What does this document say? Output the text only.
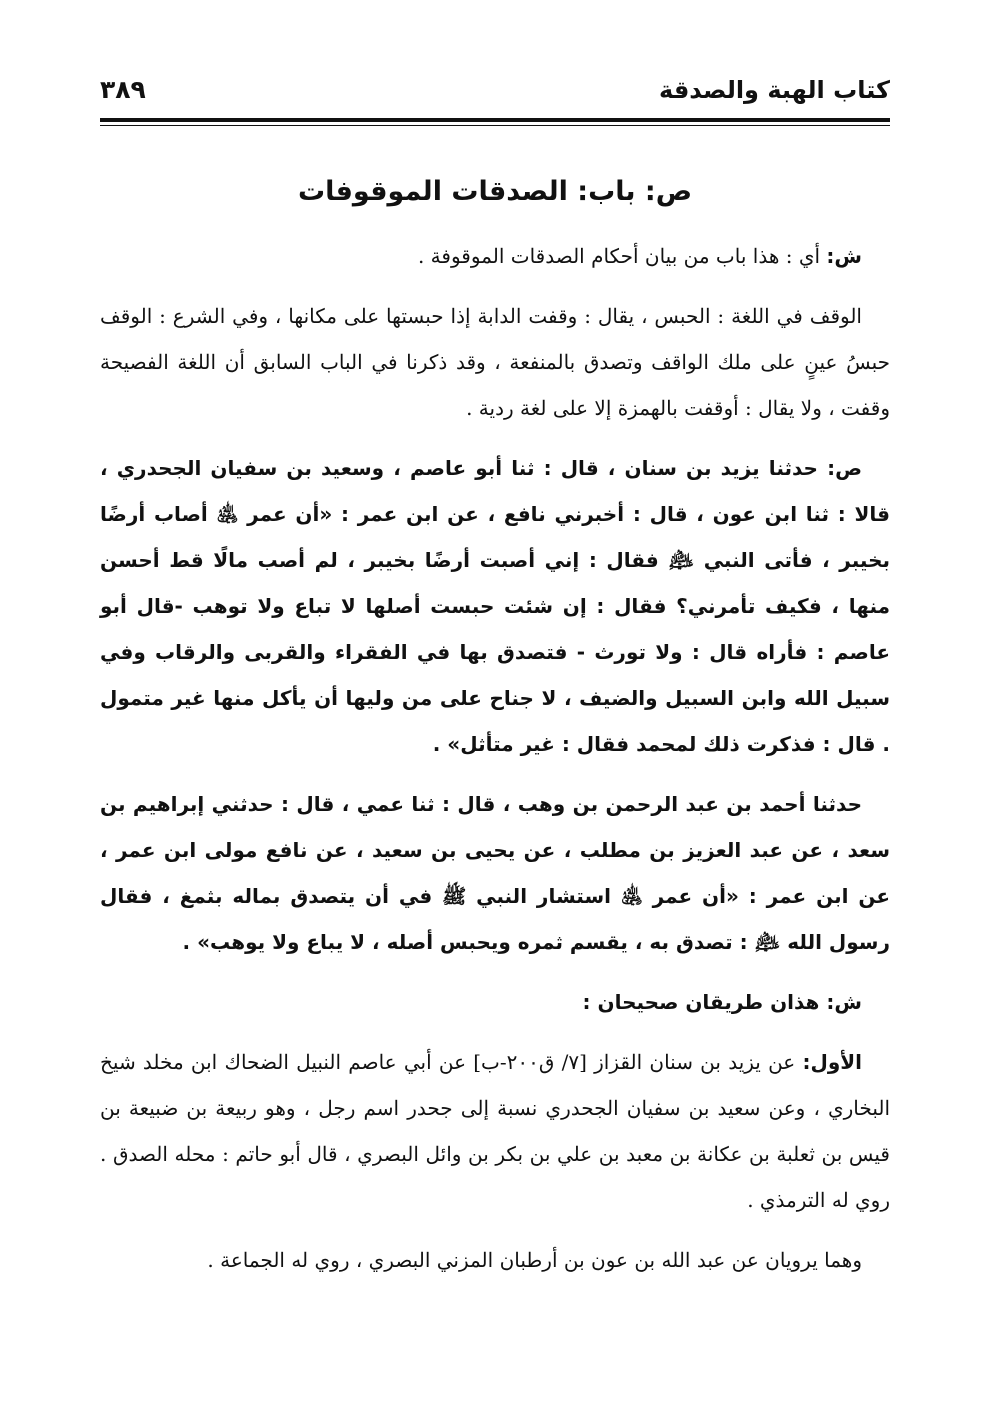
كتاب الهبة والصدقة
٣٨٩
ص: باب: الصدقات الموقوفات

ش: أي : هذا باب من بيان أحكام الصدقات الموقوفة .

الوقف في اللغة : الحبس ، يقال : وقفت الدابة إذا حبستها على مكانها ، وفي الشرع : الوقف حبسُ عينٍ على ملك الواقف وتصدق بالمنفعة ، وقد ذكرنا في الباب السابق أن اللغة الفصيحة وقفت ، ولا يقال : أوقفت بالهمزة إلا على لغة ردية .

ص: حدثنا يزيد بن سنان ، قال : ثنا أبو عاصم ، وسعيد بن سفيان الجحدري ، قالا : ثنا ابن عون ، قال : أخبرني نافع ، عن ابن عمر : «أن عمر ﵁ أصاب أرضًا بخيبر ، فأتى النبي ﵇ فقال : إني أصبت أرضًا بخيبر ، لم أصب مالًا قط أحسن منها ، فكيف تأمرني؟ فقال : إن شئت حبست أصلها لا تباع ولا توهب -قال أبو عاصم : فأراه قال : ولا تورث - فتصدق بها في الفقراء والقربى والرقاب وفي سبيل الله وابن السبيل والضيف ، لا جناح على من وليها أن يأكل منها غير متمول . قال : فذكرت ذلك لمحمد فقال : غير متأثل» .

حدثنا أحمد بن عبد الرحمن بن وهب ، قال : ثنا عمي ، قال : حدثني إبراهيم بن سعد ، عن عبد العزيز بن مطلب ، عن يحيى بن سعيد ، عن نافع مولى ابن عمر ، عن ابن عمر : «أن عمر ﵁ استشار النبي ﷺ في أن يتصدق بماله بثمغ ، فقال رسول الله ﵇ : تصدق به ، يقسم ثمره ويحبس أصله ، لا يباع ولا يوهب» .

ش: هذان طريقان صحيحان :

الأول: عن يزيد بن سنان القزاز [٧/ ق٢٠٠-ب] عن أبي عاصم النبيل الضحاك ابن مخلد شيخ البخاري ، وعن سعيد بن سفيان الجحدري نسبة إلى جحدر اسم رجل ، وهو ربيعة بن ضبيعة بن قيس بن ثعلبة بن عكانة بن معبد بن علي بن بكر بن وائل البصري ، قال أبو حاتم : محله الصدق . روي له الترمذي .

وهما يرويان عن عبد الله بن عون بن أرطبان المزني البصري ، روي له الجماعة .
